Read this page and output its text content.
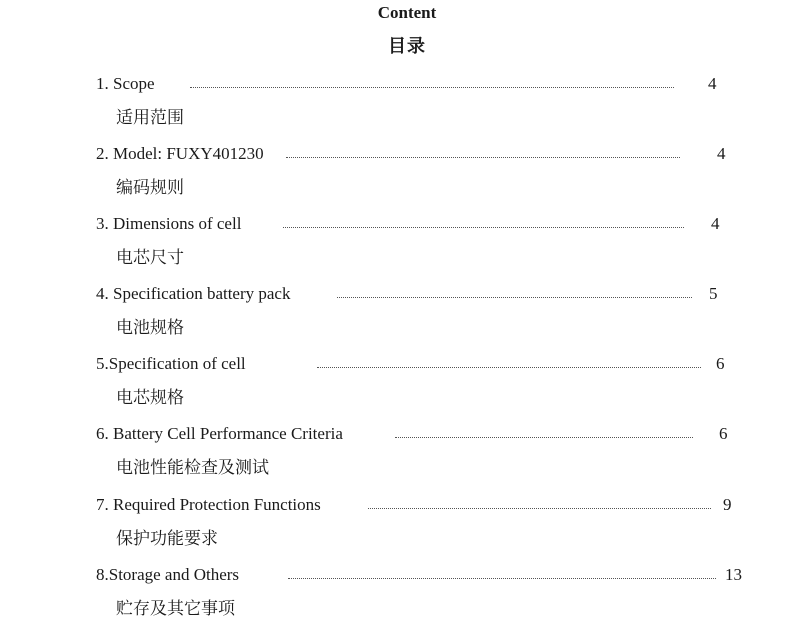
Content
目录
1. Scope	4
适用范围
2. Model: FUXY401230	4
编码规则
3. Dimensions of cell	4
电芯尺寸
4. Specification battery pack	5
电池规格
5.Specification of cell	6
电芯规格
6. Battery Cell Performance Criteria	6
电池性能检查及测试
7. Required Protection Functions	9
保护功能要求
8.Storage and Others	13
贮存及其它事项
